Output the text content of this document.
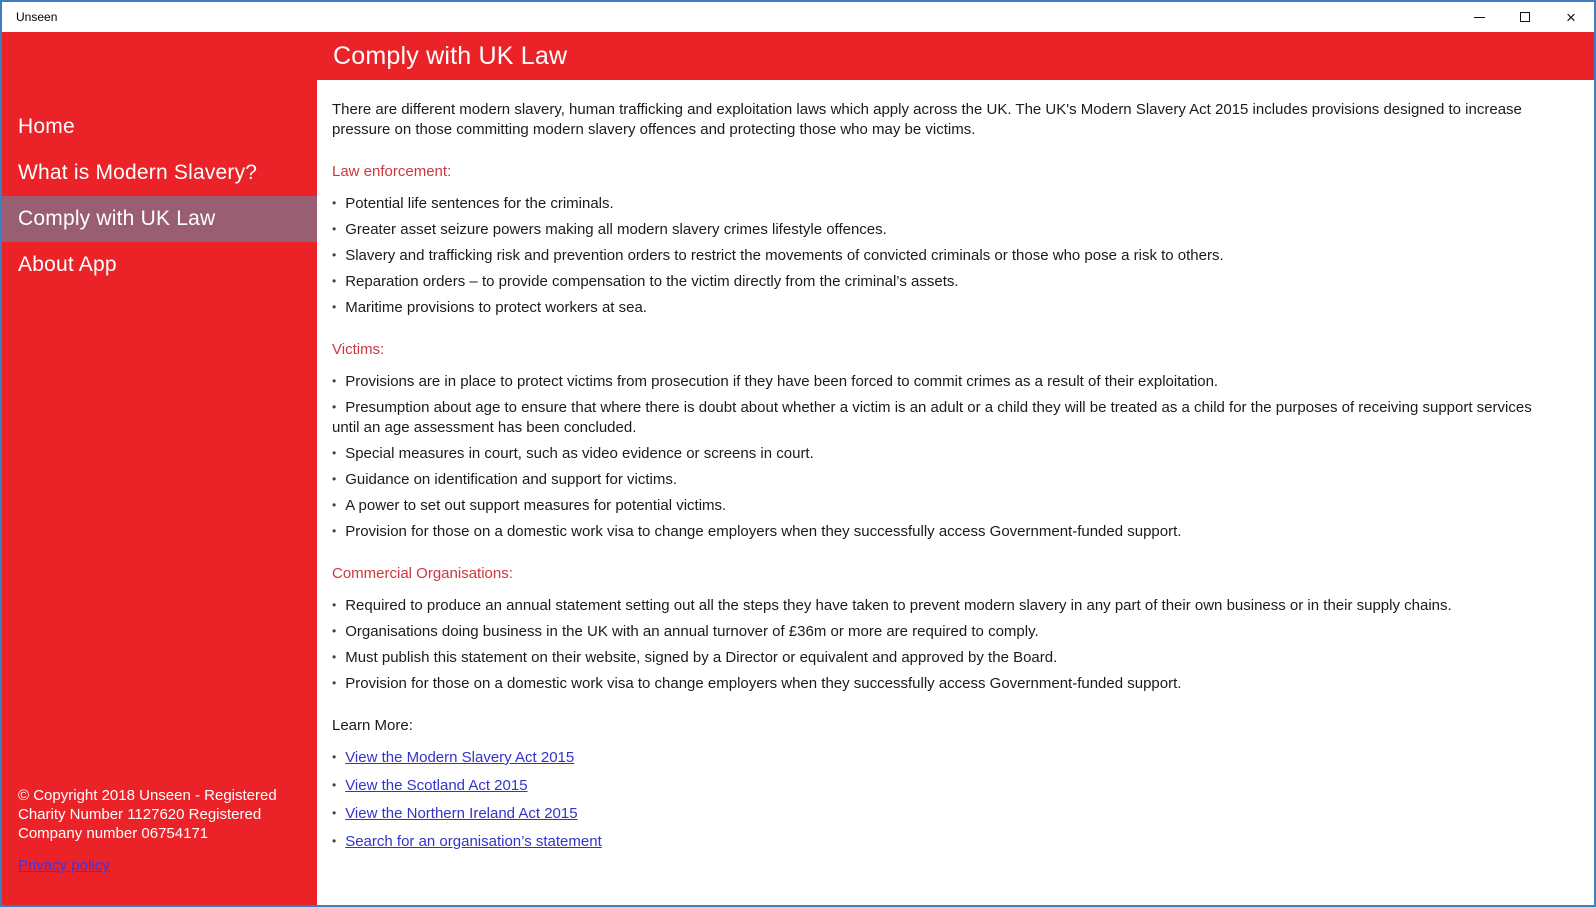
Unseen	×
Home
What is Modern Slavery?
Comply with UK Law
About App
© Copyright 2018 Unseen - Registered Charity Number 1127620 Registered Company number 06754171
Privacy policy
Comply with UK Law

There are different modern slavery, human trafficking and exploitation laws which apply across the UK. The UK's Modern Slavery Act 2015 includes provisions designed to increase pressure on those committing modern slavery offences and protecting those who may be victims.

Law enforcement:
• Potential life sentences for the criminals.
• Greater asset seizure powers making all modern slavery crimes lifestyle offences.
• Slavery and trafficking risk and prevention orders to restrict the movements of convicted criminals or those who pose a risk to others.
• Reparation orders – to provide compensation to the victim directly from the criminal’s assets.
• Maritime provisions to protect workers at sea.
Victims:
• Provisions are in place to protect victims from prosecution if they have been forced to commit crimes as a result of their exploitation.
• Presumption about age to ensure that where there is doubt about whether a victim is an adult or a child they will be treated as a child for the purposes of receiving support services until an age assessment has been concluded.
• Special measures in court, such as video evidence or screens in court.
• Guidance on identification and support for victims.
• A power to set out support measures for potential victims.
• Provision for those on a domestic work visa to change employers when they successfully access Government-funded support.
Commercial Organisations:
• Required to produce an annual statement setting out all the steps they have taken to prevent modern slavery in any part of their own business or in their supply chains.
• Organisations doing business in the UK with an annual turnover of £36m or more are required to comply.
• Must publish this statement on their website, signed by a Director or equivalent and approved by the Board.
• Provision for those on a domestic work visa to change employers when they successfully access Government-funded support.
Learn More:
• View the Modern Slavery Act 2015
• View the Scotland Act 2015
• View the Northern Ireland Act 2015
• Search for an organisation’s statement
